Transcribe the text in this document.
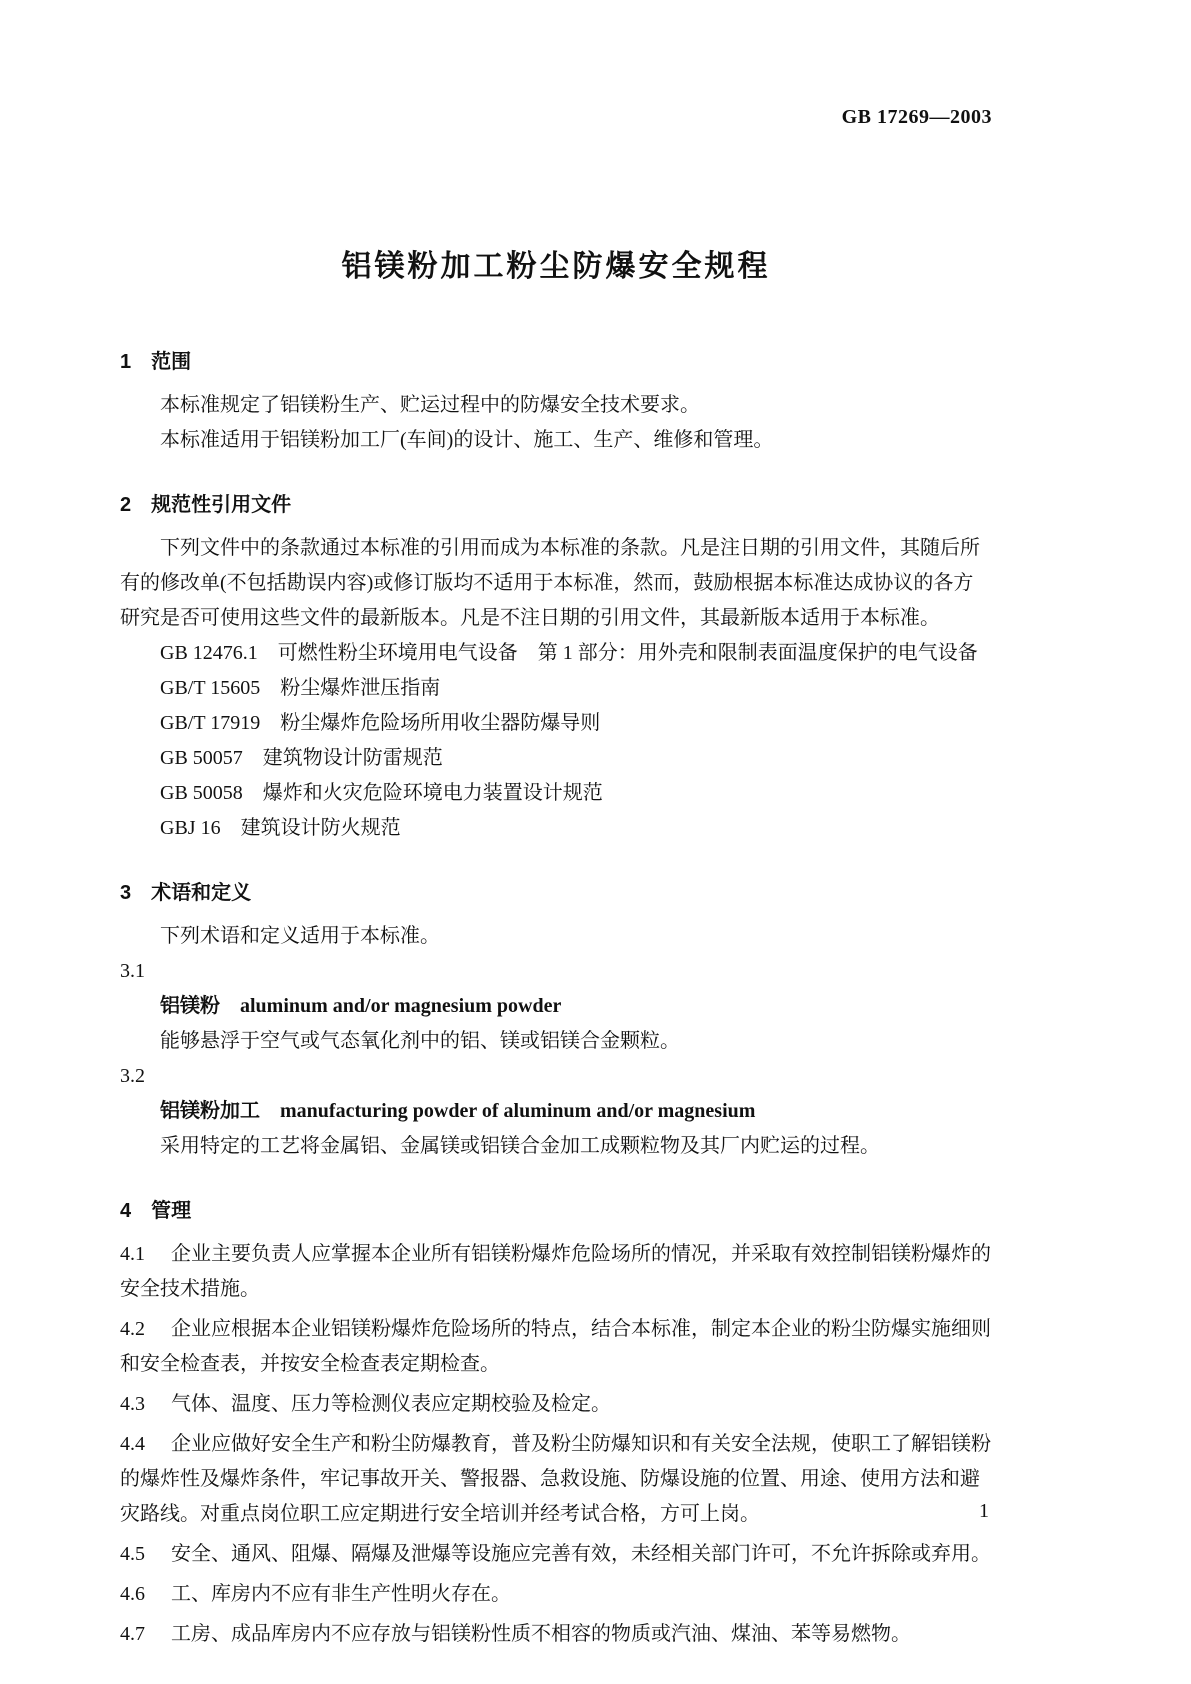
GB 17269—2003
铝镁粉加工粉尘防爆安全规程
1 范围

本标准规定了铝镁粉生产、贮运过程中的防爆安全技术要求。

本标准适用于铝镁粉加工厂(车间)的设计、施工、生产、维修和管理。

2 规范性引用文件

下列文件中的条款通过本标准的引用而成为本标准的条款。凡是注日期的引用文件，其随后所有的修改单(不包括勘误内容)或修订版均不适用于本标准，然而，鼓励根据本标准达成协议的各方研究是否可使用这些文件的最新版本。凡是不注日期的引用文件，其最新版本适用于本标准。

GB 12476.1　可燃性粉尘环境用电气设备　第 1 部分：用外壳和限制表面温度保护的电气设备

GB/T 15605　粉尘爆炸泄压指南

GB/T 17919　粉尘爆炸危险场所用收尘器防爆导则

GB 50057　建筑物设计防雷规范

GB 50058　爆炸和火灾危险环境电力装置设计规范

GBJ 16　建筑设计防火规范

3 术语和定义

下列术语和定义适用于本标准。

3.1

铝镁粉　aluminum and/or magnesium powder

能够悬浮于空气或气态氧化剂中的铝、镁或铝镁合金颗粒。

3.2

铝镁粉加工　manufacturing powder of aluminum and/or magnesium

采用特定的工艺将金属铝、金属镁或铝镁合金加工成颗粒物及其厂内贮运的过程。

4 管理

4.1 企业主要负责人应掌握本企业所有铝镁粉爆炸危险场所的情况，并采取有效控制铝镁粉爆炸的安全技术措施。

4.2 企业应根据本企业铝镁粉爆炸危险场所的特点，结合本标准，制定本企业的粉尘防爆实施细则和安全检查表，并按安全检查表定期检查。

4.3 气体、温度、压力等检测仪表应定期校验及检定。

4.4 企业应做好安全生产和粉尘防爆教育，普及粉尘防爆知识和有关安全法规，使职工了解铝镁粉的爆炸性及爆炸条件，牢记事故开关、警报器、急救设施、防爆设施的位置、用途、使用方法和避灾路线。对重点岗位职工应定期进行安全培训并经考试合格，方可上岗。

4.5 安全、通风、阻爆、隔爆及泄爆等设施应完善有效，未经相关部门许可，不允许拆除或弃用。

4.6 工、库房内不应有非生产性明火存在。

4.7 工房、成品库房内不应存放与铝镁粉性质不相容的物质或汽油、煤油、苯等易燃物。

1
